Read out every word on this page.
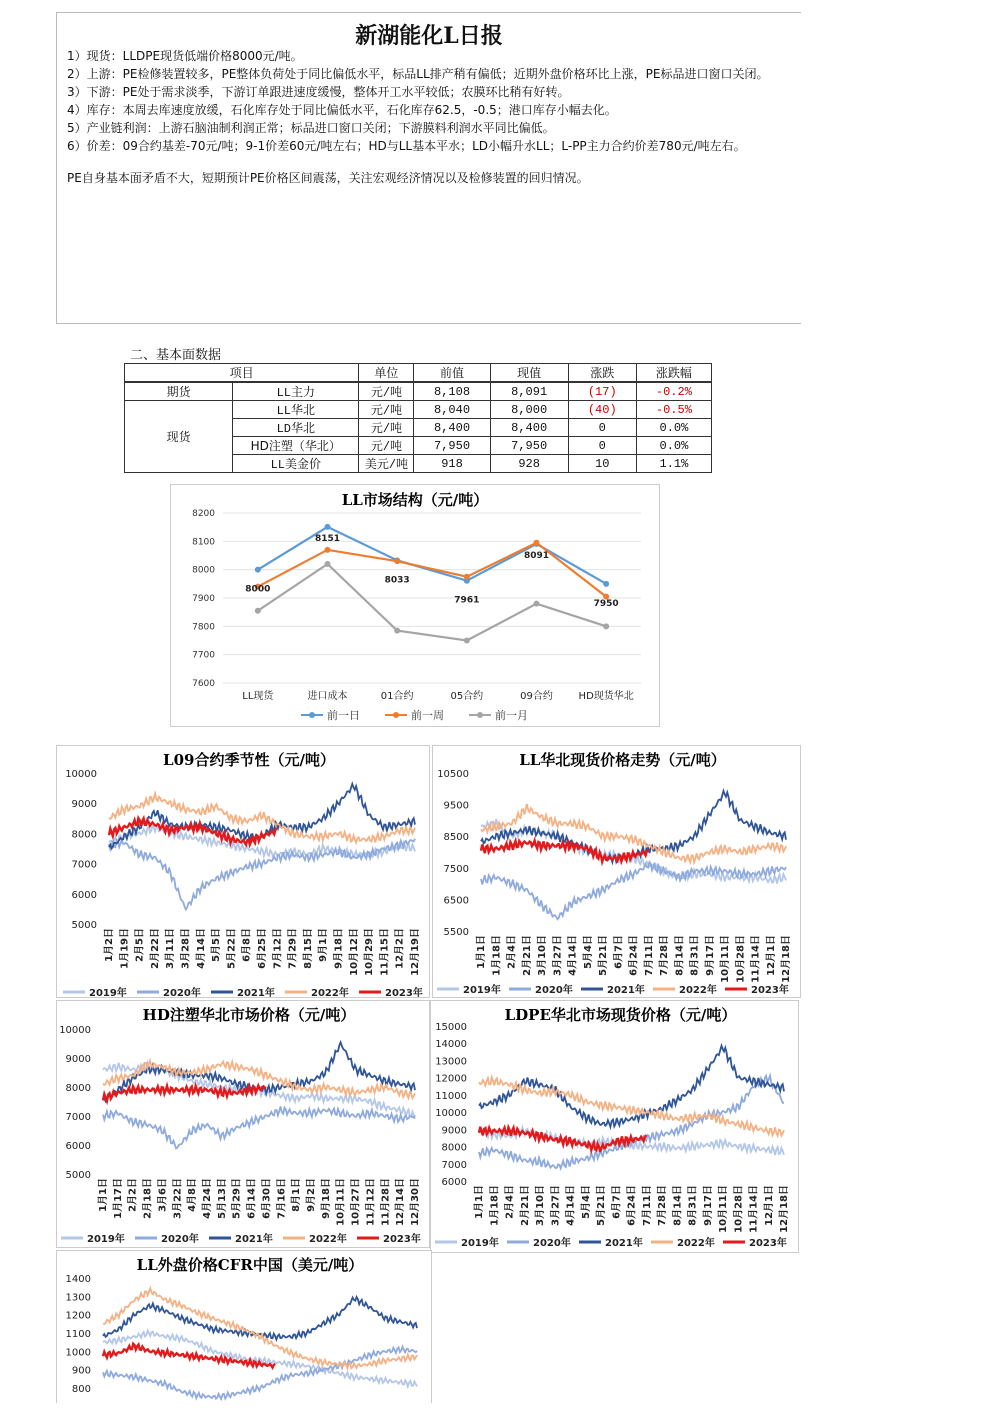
新湖能化L日报

1）现货：LLDPE现货低端价格8000元/吨。

2）上游：PE检修装置较多，PE整体负荷处于同比偏低水平，标品LL排产稍有偏低；近期外盘价格环比上涨，PE标品进口窗口关闭。

3）下游：PE处于需求淡季，下游订单跟进速度缓慢，整体开工水平较低；农膜环比稍有好转。

4）库存：本周去库速度放缓，石化库存处于同比偏低水平，石化库存62.5，-0.5；港口库存小幅去化。

5）产业链利润：上游石脑油制利润正常；标品进口窗口关闭；下游膜料利润水平同比偏低。

6）价差：09合约基差-70元/吨；9-1价差60元/吨左右；HD与LL基本平水；LD小幅升水LL；L-PP主力合约价差780元/吨左右。

PE自身基本面矛盾不大，短期预计PE价格区间震荡，关注宏观经济情况以及检修装置的回归情况。

二、基本面数据
项目		单位	前值	现值	涨跌	涨跌幅
期货	LL主力	元/吨	8,108	8,091	(17)	-0.2%
现货	LL华北	元/吨	8,040	8,000	(40)	-0.5%
	LD华北	元/吨	8,400	8,400	0	0.0%
	HD注塑（华北）	元/吨	7,950	7,950	0	0.0%
	LL美金价	美元/吨	918	928	10	1.1%
LL市场结构（元/吨）
7600
7700
7800
7900
8000
8100
8200
LL现货	进口成本	01合约	05合约	09合约	HD现货华北
8000
8151
8033
7961
8091
7950
前一日	前一周	前一月
L09合约季节性（元/吨）
5000
6000
7000
8000
9000
10000
1月2日 1月19日 2月5日 2月22日 3月11日 3月28日 4月14日 5月5日 5月22日 6月8日 6月25日 7月12日 7月29日 8月15日 9月1日 9月18日 10月12日 10月29日 11月15日 12月2日 12月19日
2019年	2020年	2021年	2022年	2023年
LL华北现货价格走势（元/吨）
5500
6500
7500
8500
9500
10500
1月1日 1月18日 2月4日 2月21日 3月10日 3月27日 4月14日 5月4日 5月21日 6月7日 6月24日 7月11日 7月28日 8月14日 8月31日 9月17日 10月11日 10月28日 11月14日 12月1日 12月18日
2019年	2020年	2021年	2022年	2023年
HD注塑华北市场价格（元/吨）
5000
6000
7000
8000
9000
10000
1月1日 1月17日 2月2日 2月18日 3月6日 3月22日 4月8日 4月24日 5月13日 5月29日 6月14日 6月30日 7月16日 8月1日 9月2日 9月18日 10月11日 10月27日 11月12日 11月28日 12月14日 12月30日
2019年	2020年	2021年	2022年	2023年
LDPE华北市场现货价格（元/吨）
6000
7000
8000
9000
10000
11000
12000
13000
14000
15000
1月1日 1月18日 2月4日 2月21日 3月10日 3月27日 4月14日 5月4日 5月21日 6月7日 6月24日 7月11日 7月28日 8月14日 8月31日 9月17日 10月11日 10月28日 11月14日 12月1日 12月18日
2019年	2020年	2021年	2022年	2023年
LL外盘价格CFR中国（美元/吨）
800
900
1000
1100
1200
1300
1400
